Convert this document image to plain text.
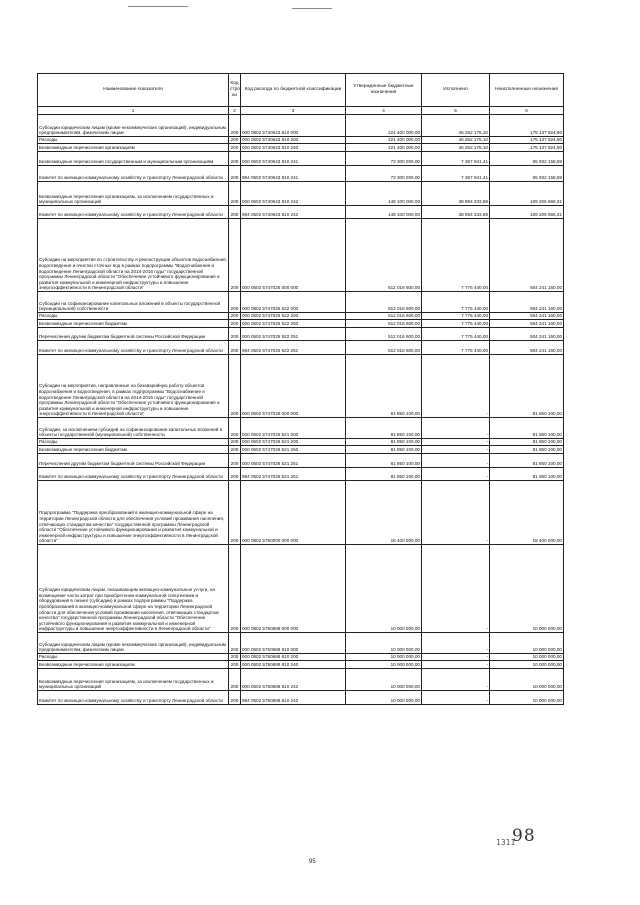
Наименование показателя	Код стро ки	Код расхода по бюджетной классификации	Утвержденные бюджетные назначения	Исполнено	Неисполненные назначения
1	2	3	4	5	6
Субсидии юридическим лицам (кроме некоммерческих организаций), индивидуальным предпринимателям, физическим лицам	200	000 0502 5740643 810 000	221 400 000,00	46 262 175,10	175 137 824,90
Расходы	200	000 0502 5740643 810 200	221 400 000,00	46 262 175,10	175 137 824,90
Безвозмездные перечисления организациям	200	000 0502 5740643 810 240	221 400 000,00	46 262 175,10	175 137 824,90
Безвозмездные перечисления государственным и муниципальным организациям	200	000 0502 5740643 810 241	73 300 000,00	7 367 841,41	65 932 158,59
Комитет по жилищно-коммунальному хозяйству и транспорту Ленинградской области	200	984 0502 5740643 810 241	73 300 000,00	7 367 841,41	65 932 158,59
Безвозмездные перечисления организациям, за исключением государственных и муниципальных организаций	200	000 0502 5740643 810 242	148 100 000,00	38 894 333,69	109 205 666,31
Комитет по жилищно-коммунальному хозяйству и транспорту Ленинградской области	200	984 0502 5740643 810 242	148 100 000,00	38 894 333,69	109 205 666,31
Субсидии на мероприятия по строительству и реконструкции объектов водоснабжения, водоотведения и очистки сточных вод в рамках подпрограммы "Водоснабжение и водоотведение Ленинградской области на 2014-2016 годы" государственной программы Ленинградской области "Обеспечение устойчивого функционирования и развития коммунальной и инженерной инфраструктуры и повышение энергоэффективности в Ленинградской области"	200	000 0502 5747025 000 000	512 016 600,00	7 775 440,00	504 241 160,00
Субсидии на софинансирование капитальных вложений в объекты государственной (муниципальной) собственности	200	000 0502 5747025 522 000	512 016 600,00	7 775 440,00	504 241 160,00
Расходы	200	000 0502 5747025 522 200	512 016 600,00	7 775 440,00	504 241 160,00
Безвозмездные перечисления бюджетам	200	000 0502 5747025 522 250	512 016 600,00	7 775 440,00	504 241 160,00
Перечисления другим бюджетам бюджетной системы Российской Федерации	200	000 0502 5747025 522 251	512 016 600,00	7 775 440,00	504 241 160,00
Комитет по жилищно-коммунальному хозяйству и транспорту Ленинградской области	200	984 0502 5747025 522 251	512 016 600,00	7 775 440,00	504 241 160,00
Субсидии на мероприятия, направленные на безаварийную работу объектов водоснабжения и водоотведения, в рамках подпрограммы "Водоснабжение и водоотведение Ленинградской области на 2014-2016 годы" государственной программы Ленинградской области "Обеспечение устойчивого функционирования и развития коммунальной и инженерной инфраструктуры и повышение энергоэффективности в Ленинградской области"	200	000 0502 5747026 000 000	81 850 100,00	-	81 850 100,00
Субсидии, за исключением субсидий на софинансирование капитальных вложений в объекты государственной (муниципальной) собственности	200	000 0502 5747026 521 000	81 850 100,00	-	81 850 100,00
Расходы	200	000 0502 5747026 521 200	81 850 100,00	-	81 850 100,00
Безвозмездные перечисления бюджетам	200	000 0502 5747026 521 250	81 850 100,00	-	81 850 100,00
Перечисления другим бюджетам бюджетной системы Российской Федерации	200	000 0502 5747026 521 251	81 850 100,00	-	81 850 100,00
Комитет по жилищно-коммунальному хозяйству и транспорту Ленинградской области	200	984 0502 5747026 521 251	81 850 100,00	-	81 850 100,00
Подпрограмма "Поддержка преобразований в жилищно-коммунальной сфере на территории Ленинградской области для обеспечения условий проживания населения, отвечающих стандартам качества" государственной программы Ленинградской области "Обеспечение устойчивого функционирования и развития коммунальной и инженерной инфраструктуры и повышение энергоэффективности в Ленинградской области"	200	000 0502 5750000 000 000	18 400 000,00	-	18 400 000,00
Субсидии юридическим лицам, оказывающим жилищно-коммунальные услуги, на возмещение части затрат при приобретении коммунальной спецтехники и оборудования в лизинг (субсидии) в рамках подпрограммы "Поддержка преобразований в жилищно-коммунальной сфере на территории Ленинградской области для обеспечения условий проживания населения, отвечающих стандартам качества" государственной программы Ленинградской области "Обеспечение устойчивого функционирования и развития коммунальной и инженерной инфраструктуры и повышение энергоэффективности в Ленинградской области"	200	000 0502 5750688 000 000	10 000 000,00	-	10 000 000,00
Субсидии юридическим лицам (кроме некоммерческих организаций), индивидуальным предпринимателям, физическим лицам	200	000 0502 5750688 810 000	10 000 000,00	-	10 000 000,00
Расходы	200	000 0502 5750688 810 200	10 000 000,00	-	10 000 000,00
Безвозмездные перечисления организациям	200	000 0502 5750688 810 240	10 000 000,00	-	10 000 000,00
Безвозмездные перечисления организациям, за исключением государственных и муниципальных организаций	200	000 0502 5750688 810 242	10 000 000,00	-	10 000 000,00
Комитет по жилищно-коммунальному хозяйству и транспорту Ленинградской области	200	984 0502 5750688 810 242	10 000 000,00	-	10 000 000,00
98
1311
95
